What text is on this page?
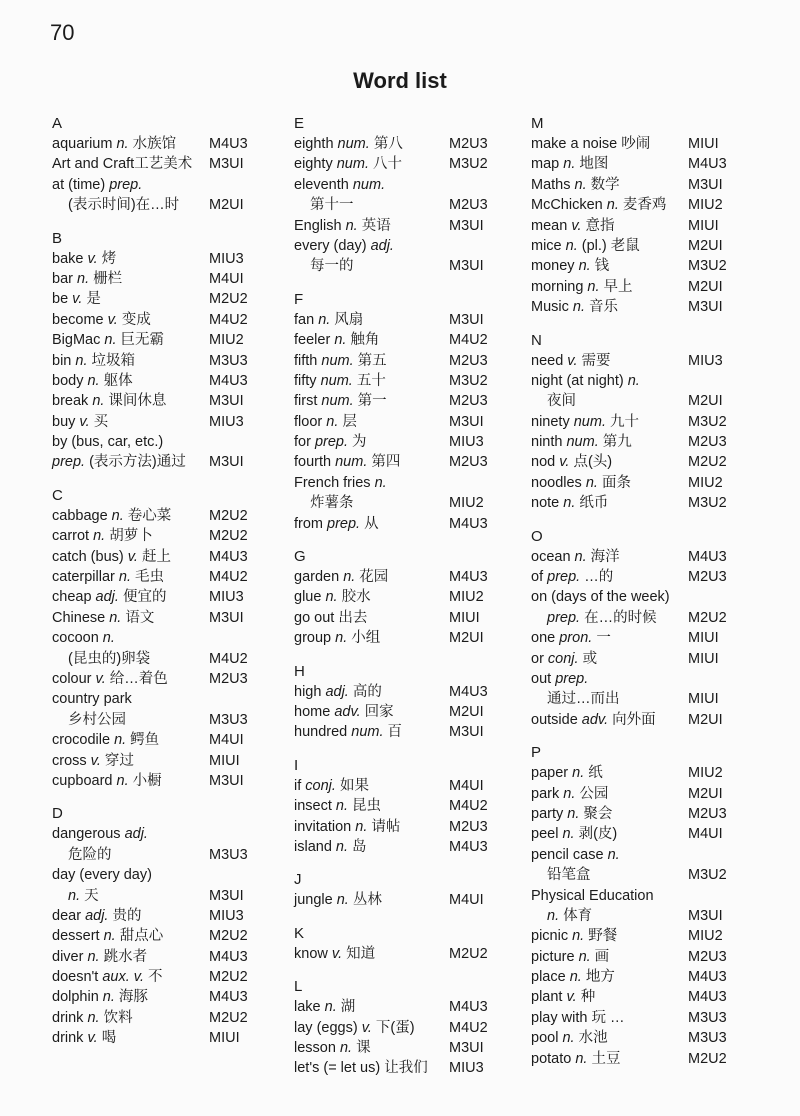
70
Word list
A
aquarium n. 水族馆 M4U3
Art and Craft工艺美术 M3UI
at (time) prep.
(表示时间)在…时 M2UI
B
bake v. 烤	MIU3
bar n. 栅栏	M4UI
be v. 是	M2U2
become v. 变成	M4U2
BigMac n. 巨无霸	MIU2
bin n. 垃圾箱	M3U3
body n. 躯体	M4U3
break n. 课间休息	M3UI
buy v. 买	MIU3
by (bus, car, etc.)
prep. (表示方法)通过 M3UI
C
cabbage n. 卷心菜	M2U2
carrot n. 胡萝卜	M2U2
catch (bus) v. 赶上	M4U3
caterpillar n. 毛虫	M4U2
cheap adj. 便宜的	MIU3
Chinese n. 语文	M3UI
cocoon n.
(昆虫的)卵袋	M4U2
colour v. 给…着色	M2U3
country park
乡村公园	M3U3
crocodile n. 鳄鱼	M4UI
cross v. 穿过	MIUI
cupboard n. 小橱	M3UI
D
dangerous adj.
危险的	M3U3
day (every day)
n. 天	M3UI
dear adj. 贵的	MIU3
dessert n. 甜点心	M2U2
diver n. 跳水者	M4U3
doesn't aux. v. 不	M2U2
dolphin n. 海豚	M4U3
drink n. 饮料	M2U2
drink v. 喝	MIUI
E
eighth num. 第八	M2U3
eighty num. 八十	M3U2
eleventh num.
第十一	M2U3
English n. 英语	M3UI
every (day) adj.
每一的	M3UI
F
fan n. 风扇	M3UI
feeler n. 触角	M4U2
fifth num. 第五	M2U3
fifty num. 五十	M3U2
first num. 第一	M2U3
floor n. 层	M3UI
for prep. 为	MIU3
fourth num. 第四	M2U3
French fries n.
炸薯条	MIU2
from prep. 从	M4U3
G
garden n. 花园	M4U3
glue n. 胶水	MIU2
go out 出去	MIUI
group n. 小组	M2UI
H
high adj. 高的	M4U3
home adv. 回家	M2UI
hundred num. 百	M3UI
I
if conj. 如果	M4UI
insect n. 昆虫	M4U2
invitation n. 请帖	M2U3
island n. 岛	M4U3
J
jungle n. 丛林	M4UI
K
know v. 知道	M2U2
L
lake n. 湖	M4U3
lay (eggs) v. 下(蛋) M4U2
lesson n. 课	M3UI
let's (= let us) 让我们 MIU3
M
make a noise 吵闹	MIUI
map n. 地图	M4U3
Maths n. 数学	M3UI
McChicken n. 麦香鸡 MIU2
mean v. 意指	MIUI
mice n. (pl.) 老鼠	M2UI
money n. 钱	M3U2
morning n. 早上	M2UI
Music n. 音乐	M3UI
N
need v. 需要	MIU3
night (at night) n.
夜间	M2UI
ninety num. 九十	M3U2
ninth num. 第九	M2U3
nod v. 点(头)	M2U2
noodles n. 面条	MIU2
note n. 纸币	M3U2
O
ocean n. 海洋	M4U3
of prep. …的	M2U3
on (days of the week)
prep. 在…的时候 M2U2
one pron. 一	MIUI
or conj. 或	MIUI
out prep.
通过…而出	MIUI
outside adv. 向外面 M2UI
P
paper n. 纸	MIU2
park n. 公园	M2UI
party n. 聚会	M2U3
peel n. 剥(皮)	M4UI
pencil case n.
铅笔盒	M3U2
Physical Education
n. 体育	M3UI
picnic n. 野餐	MIU2
picture n. 画	M2U3
place n. 地方	M4U3
plant v. 种	M4U3
play with 玩 …	M3U3
pool n. 水池	M3U3
potato n. 土豆	M2U2
